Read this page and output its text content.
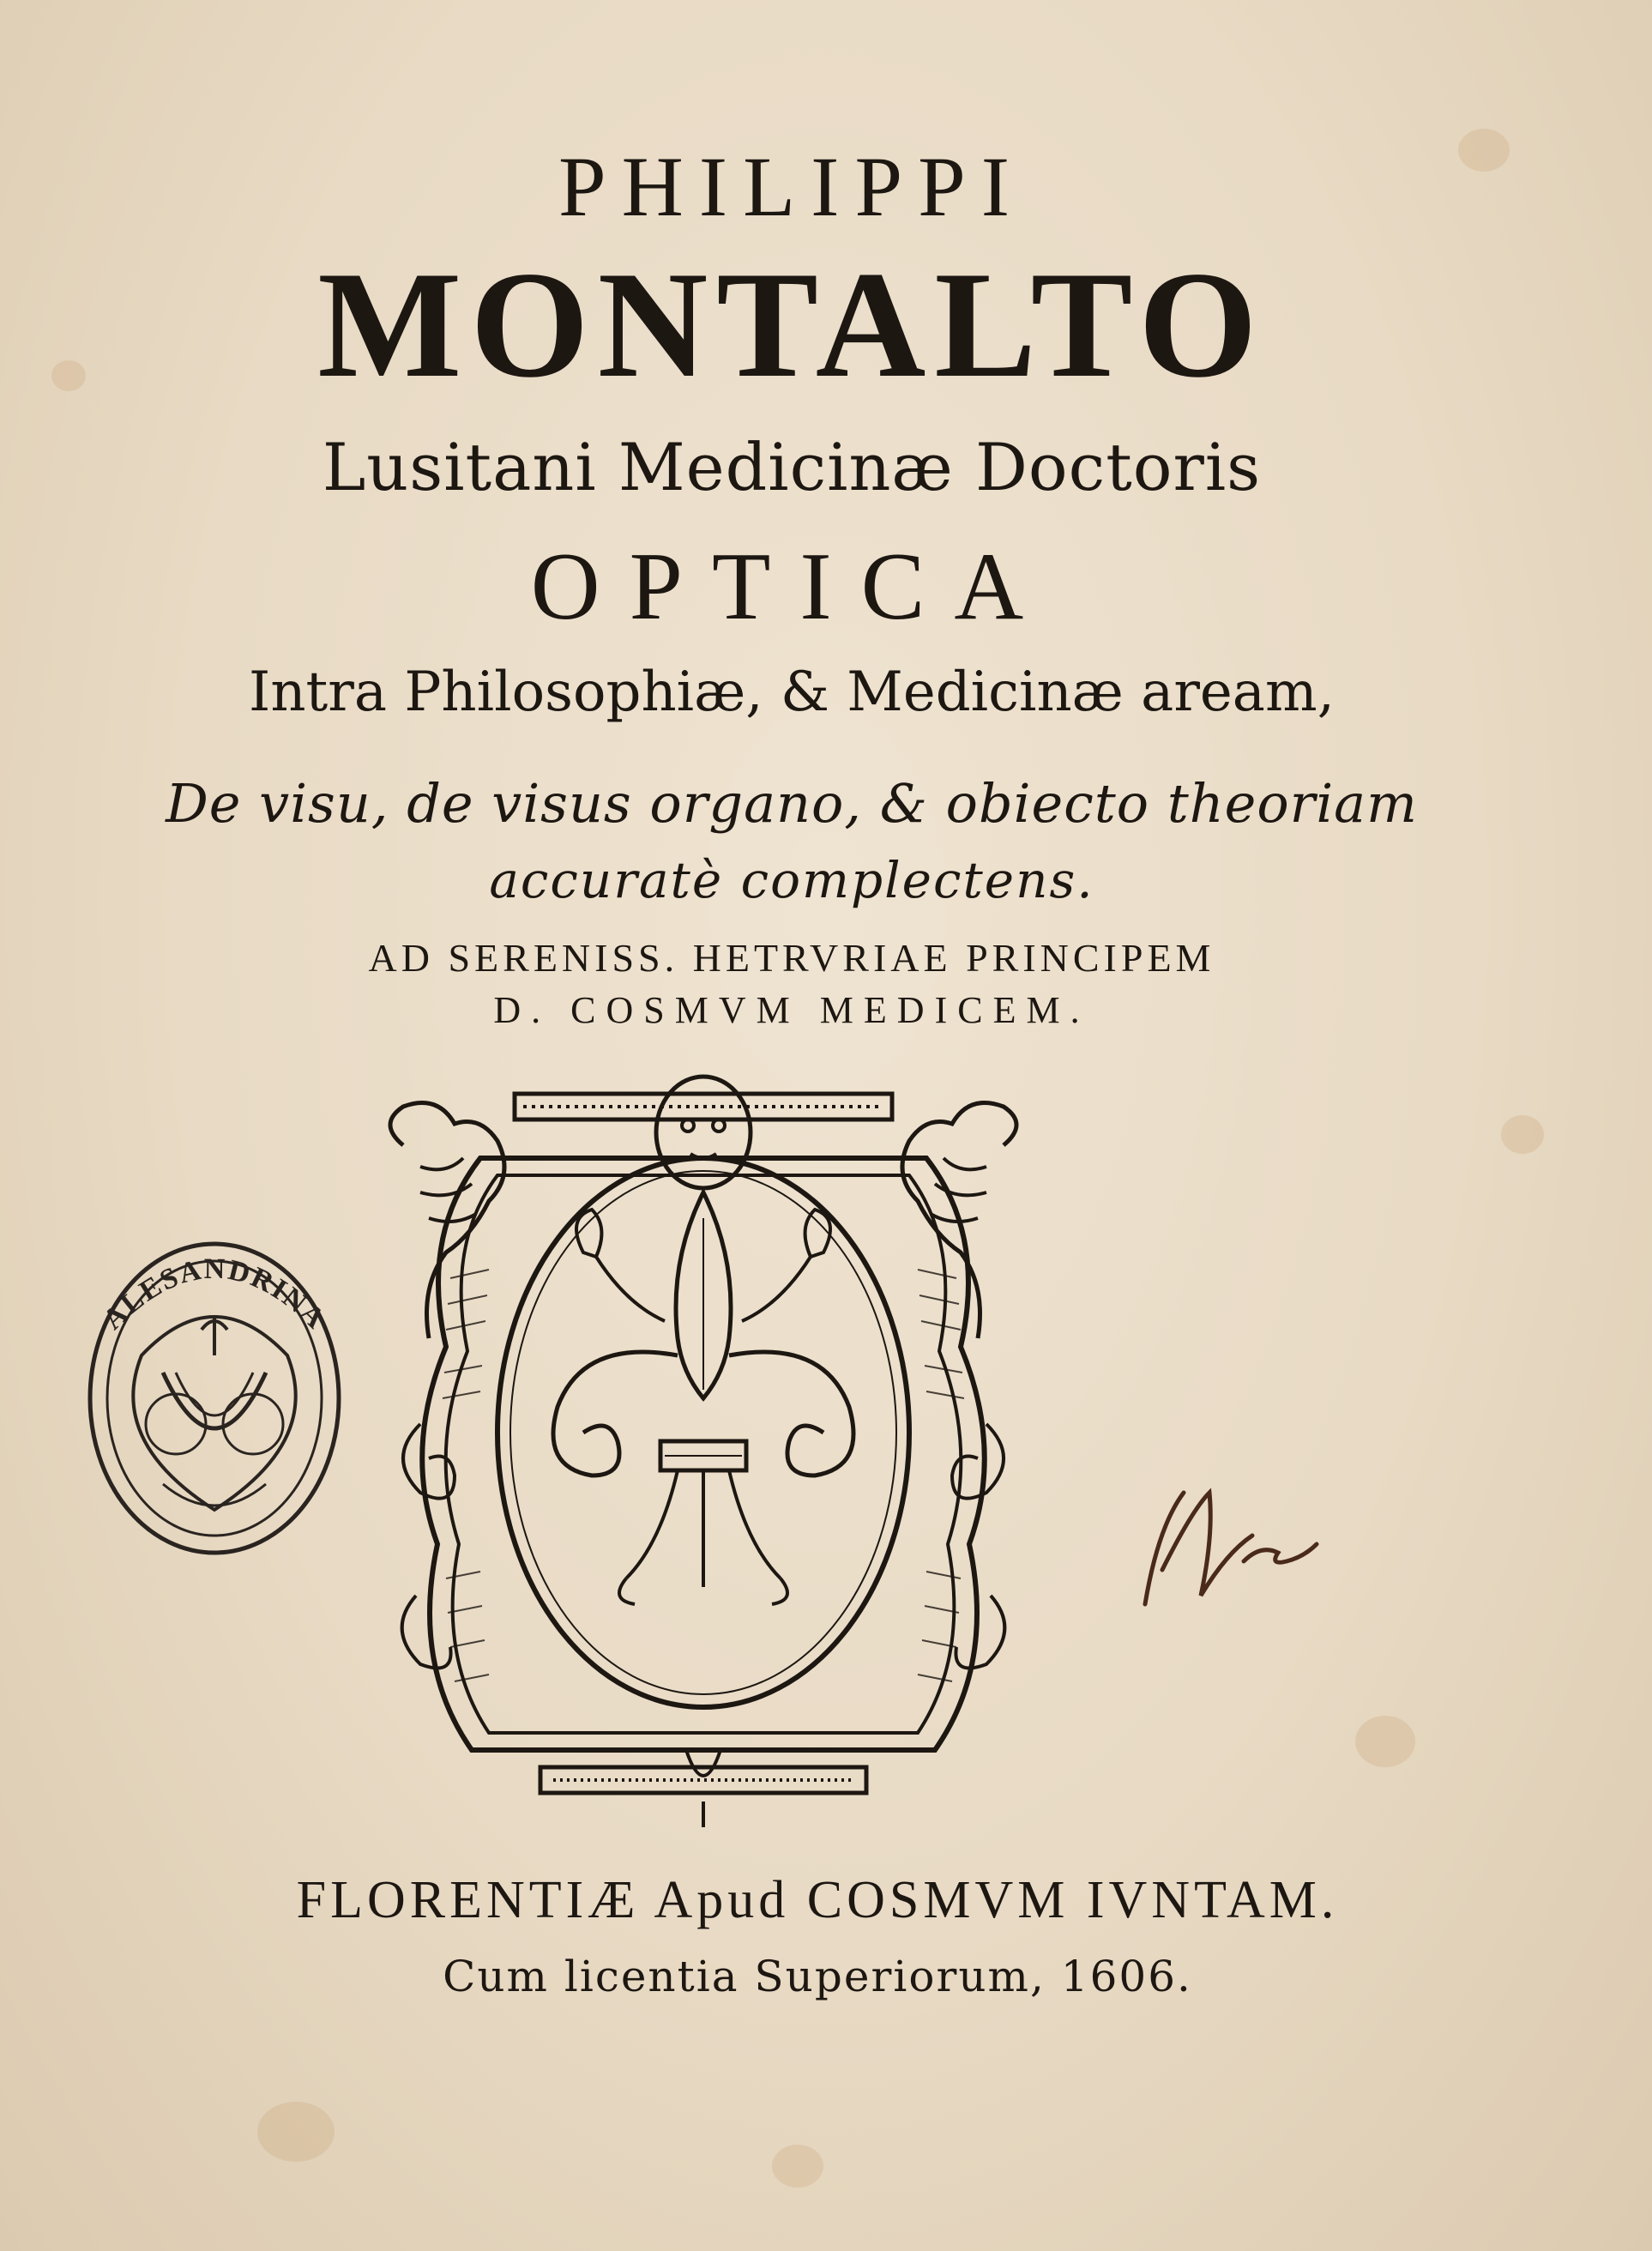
PHILIPPI
MONTALTO
Lusitani Medicinæ Doctoris
OPTICA
Intra Philosophiæ, & Medicinæ aream,
De visu, de visus organo, & obiecto theoriam
accuratè complectens.
AD SERENISS. HETRVRIAE PRINCIPEM
D. COSMVM MEDICEM.
ALESANDRINA
FLORENTIÆ Apud COSMVM IVNTAM.
Cum licentia Superiorum, 1606.
